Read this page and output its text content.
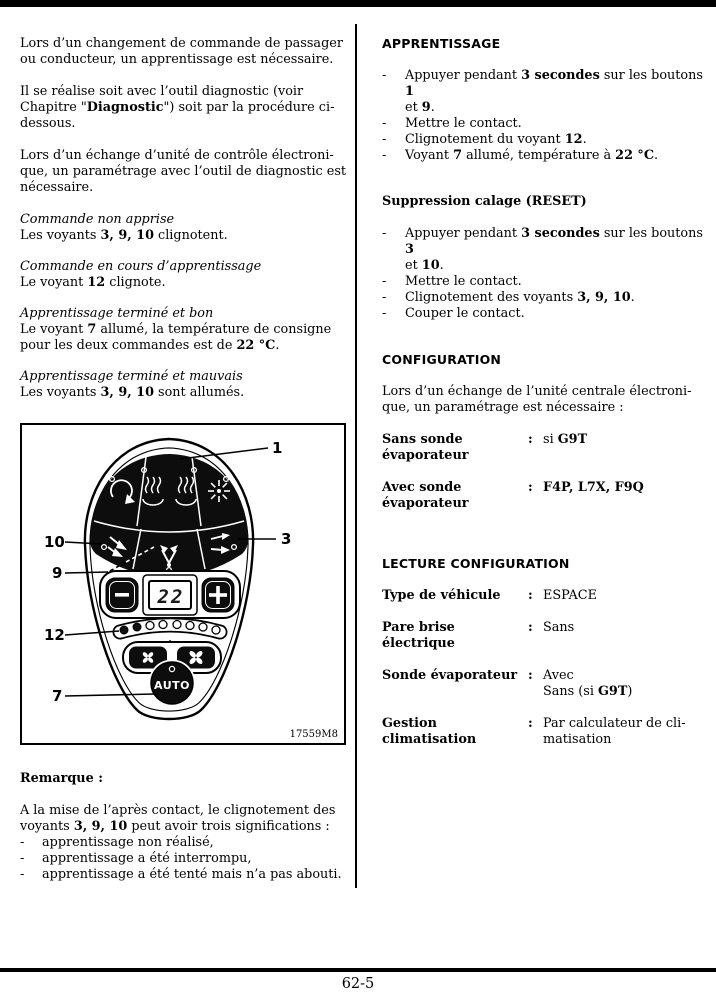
Lors d’un changement de commande de passager
ou conducteur, un apprentissage est nécessaire.

Il se réalise soit avec l’outil diagnostic (voir
Chapitre "Diagnostic") soit par la procédure ci-
dessous.

Lors d’un échange d’unité de contrôle électroni-
que, un paramétrage avec l’outil de diagnostic est
nécessaire.

Commande non apprise
Les voyants 3, 9, 10 clignotent.
Commande en cours d’apprentissage
Le voyant 12 clignote.
Apprentissage terminé et bon
Le voyant 7 allumé, la température de consigne
pour les deux commandes est de 22 °C.
Apprentissage terminé et mauvais
Les voyants 3, 9, 10 sont allumés.
22
AUTO
1
3
10
9
12
7
17559M8
Remarque :
A la mise de l’après contact, le clignotement des
voyants 3, 9, 10 peut avoir trois significations :
-	apprentissage non réalisé,
-	apprentissage a été interrompu,
-	apprentissage a été tenté mais n’a pas abouti.
APPRENTISSAGE
-	Appuyer pendant 3 secondes sur les boutons 1
et 9.
-	Mettre le contact.
-	Clignotement du voyant 12.
-	Voyant 7 allumé, température à 22 °C.
Suppression calage (RESET)
-	Appuyer pendant 3 secondes sur les boutons 3
et 10.
-	Mettre le contact.
-	Clignotement des voyants 3, 9, 10.
-	Couper le contact.
CONFIGURATION

Lors d’un échange de l’unité centrale électroni-
que, un paramétrage est nécessaire :

Sans sonde évaporateur
: si G9T
Avec sonde évaporateur
: F4P, L7X, F9Q
LECTURE CONFIGURATION
Type de véhicule	: ESPACE
Pare brise électrique
: Sans
Sonde évaporateur : Avec
Sans (si G9T)
Gestion climatisation
: Par calculateur de cli-
matisation
62-5
